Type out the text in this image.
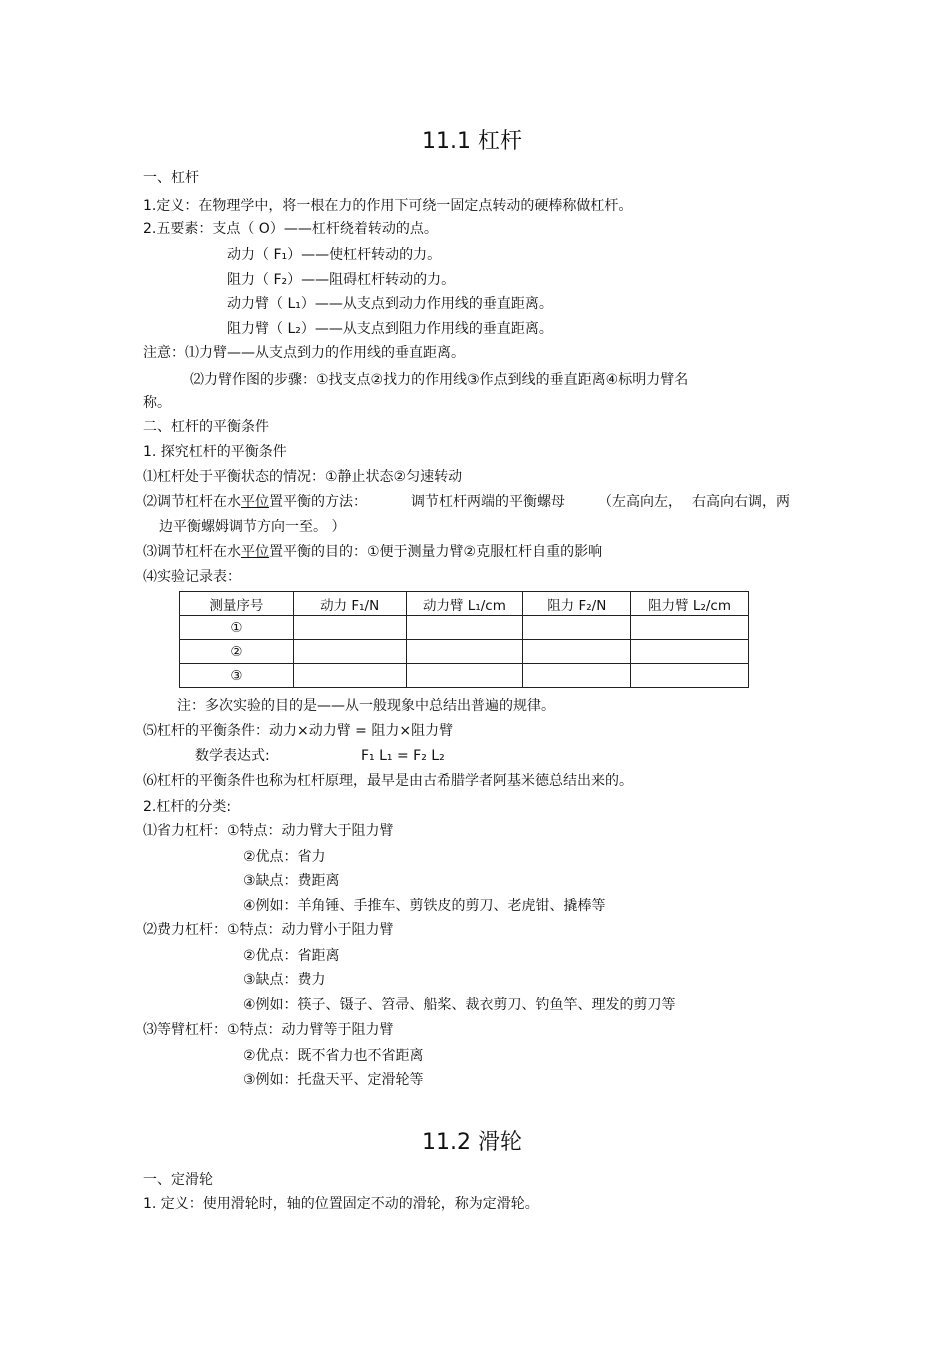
11.1 杠杆
一、杠杆
1.定义：在物理学中，将一根在力的作用下可绕一固定点转动的硬棒称做杠杆。
2.五要素：支点（ O）——杠杆绕着转动的点。
动力（ F₁）——使杠杆转动的力。
阻力（ F₂）——阻碍杠杆转动的力。
动力臂（ L₁）——从支点到动力作用线的垂直距离。
阻力臂（ L₂）——从支点到阻力作用线的垂直距离。
注意：⑴力臂——从支点到力的作用线的垂直距离。
⑵力臂作图的步骤：①找支点②找力的作用线③作点到线的垂直距离④标明力臂名
称。
二、杠杆的平衡条件
1. 探究杠杆的平衡条件
⑴杠杆处于平衡状态的情况：①静止状态②匀速转动
⑵调节杠杆在水平位置平衡的方法：	调节杠杆两端的平衡螺母 （左高向左， 右高向右调，两
边平衡螺姆调节方向一至。 ）
⑶调节杠杆在水平位置平衡的目的：①便于测量力臂②克服杠杆自重的影响
⑷实验记录表：
测量序号	动力 F₁/N	动力臂 L₁/cm	阻力 F₂/N	阻力臂 L₂/cm
①				
②				
③				
注：多次实验的目的是——从一般现象中总结出普遍的规律。
⑸杠杆的平衡条件：动力×动力臂 = 阻力×阻力臂
数学表达式:	F₁ L₁ = F₂ L₂
⑹杠杆的平衡条件也称为杠杆原理，最早是由古希腊学者阿基米德总结出来的。
2.杠杆的分类:
⑴省力杠杆：①特点：动力臂大于阻力臂
②优点：省力
③缺点：费距离
④例如：羊角锤、手推车、剪铁皮的剪刀、老虎钳、撬棒等
⑵费力杠杆：①特点：动力臂小于阻力臂
②优点：省距离
③缺点：费力
④例如：筷子、镊子、笤帚、船桨、裁衣剪刀、钓鱼竿、理发的剪刀等
⑶等臂杠杆：①特点：动力臂等于阻力臂
②优点：既不省力也不省距离
③例如：托盘天平、定滑轮等
11.2 滑轮
一、定滑轮
1. 定义：使用滑轮时，轴的位置固定不动的滑轮，称为定滑轮。
